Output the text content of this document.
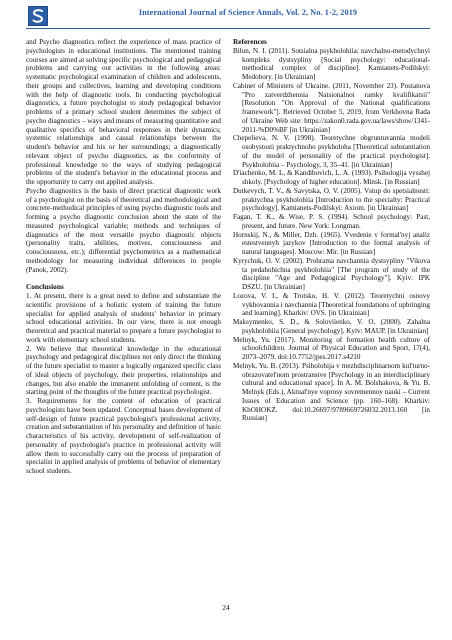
International Journal of Science Annals, Vol. 2, No. 1-2, 2019

and Psycho diagnostics reflect the experience of mass practice of psychologists in educational institutions. The mentioned training courses are aimed at solving specific psychological and pedagogical problems and carrying out activities in the following areas: systematic psychological examination of children and adolescents, their groups and collectives, learning and developing conditions with the help of diagnostic tools. In conducting psychological diagnostics, a future psychologist to study pedagogical behavior problems of a primary school student determines the subject of psycho diagnostics – ways and means of measuring quantitative and qualitative specifics of behavioral responses in their dynamics; systemic relationships and causal relationships between the student's behavior and his or her surroundings; a diagnostically relevant object of psycho diagnostics, as the conformity of professional knowledge to the ways of studying pedagogical problems of the student's behavior in the educational process and the opportunity to carry out applied analysis.

Psycho diagnostics is the basis of direct practical diagnostic work of a psychologist on the basis of theoretical and methodological and concrete-methodical principles of using psycho diagnostic tools and forming a psycho diagnostic conclusion about the state of the measured psychological variable; methods and techniques of diagnostics of the most versatile psycho diagnostic objects (personality traits, abilities, motives, consciousness and consciousness, etc.); differential psychometrics as a mathematical methodology for measuring individual differences in people (Panok, 2002).

Conclusions

1. At present, there is a great need to define and substantiate the scientific provisions of a holistic system of training the future specialist for applied analysis of students' behavior in primary school educational activities. In our view, there is not enough theoretical and practical material to prepare a future psychologist to work with elementary school students.

2. We believe that theoretical knowledge in the educational psychology and pedagogical disciplines not only direct the thinking of the future specialist to master a logically organized specific class of ideal objects of psychology, their properties, relationships and changes, but also enable the immanent unfolding of content, is the starting point of the thoughts of the future practical psychologist.

3. Requirements for the content of education of practical psychologists have been updated. Conceptual bases development of self-design of future practical psychologist's professional activity, creation and substantiation of his personality and definition of basic characteristics of his activity, development of self-realization of personality of psychologist's practice in professional activity will allow them to successfully carry out the process of preparation of specialist in applied analysis of problems of behavior of elementary school students.

References

Bilun, N. I. (2011). Sotsialna psykholohiia: navchalno-metodychnyi kompleks dystsypliny [Social psychology: educational-methodical complex of discipline]. Kamianets-Podilskyi: Medobory. [in Ukrainian]

Cabinet of Ministers of Ukraine. (2011, November 23). Postanova "Pro zatverdzhennia Natsionalnoi ramky kvalifikatsii" [Resolution "On Approval of the National qualifications framework"]. Retrieved October 5, 2019, from Verkhovna Rada of Ukraine Web site: https://zakon0.rada.gov.ua/laws/show/1341-2011-%D0%BF [in Ukrainian]

Chepelieva, N. V. (1998). Teoretychne obgruntuvannia modeli osobystosti praktychnoho psykholoha [Theoretical substantiation of the model of personality of the practical psychologist]. Psykholohiia – Psychology, 3, 35–41. [in Ukrainian]

D'iachenko, M. L, & Kandibovich, L. A. (1993). Psihologija vysshej shkoly. [Psychology of higher education]. Minsk. [in Russian]

Dutkevych, T. V., & Savytska, O. V. (2005). Vstup do spetsialnosti: praktychna psykholohiia [Introduction to the specialty: Practical psychology]. Kamianets-Podilskyi: Axiom. [in Ukrainian]

Fagan, T. K., & Wise, P. S. (1994). School psychology: Past, present, and future. New York: Longman.

Hornskij, N., & Miller, Dzh. (1965). Vvedenie v formal'nyj analiz estestvennyh jazykov [Introduction to the formal analysis of natural languages]. Moscow: Mir. [in Russian]

Kyrychuk, O. V. (2002). Prohrama navchannia dystsypliny "Vikova ta pedahohichna psykholohiia" [The program of study of the discipline "Age and Pedagogical Psychology"]. Kyiv: IPK DSZU. [in Ukrainian]

Lozova, V. I., & Trotsko, H. V. (2012). Teoretychni osnovy vykhovannia i navchannia [Theoretical foundations of upbringing and learning]. Kharkiv: OVS. [in Ukrainian]

Maksymenko, S. D., & Soloviienko, V. O. (2000). Zahalna psykholohiia [General psychology]. Kyiv: MAUP. [in Ukrainian]

Melnyk, Yu. (2017). Monitoring of formation health culture of schoolchildren. Journal of Physical Education and Sport, 17(4), 2073–2079. doi:10.7752/jpes.2017.s4210

Melnyk, Yu. B. (2013). Psiholohija v mezhdisciplinarnom kul'turno-obrazovatel'nom prostranstve [Psychology in an interdisciplinary cultural and educational space]. In A. M. Bolshakova, & Yu. B. Melnyk (Eds.), Aktual'nye voprosy sovremennoy nauki – Current Issues of Education and Science (pp. 160–168). Kharkiv: KhOHOKZ. doi:10.26697/9789669726032.2013.160 [in Russian]

24
